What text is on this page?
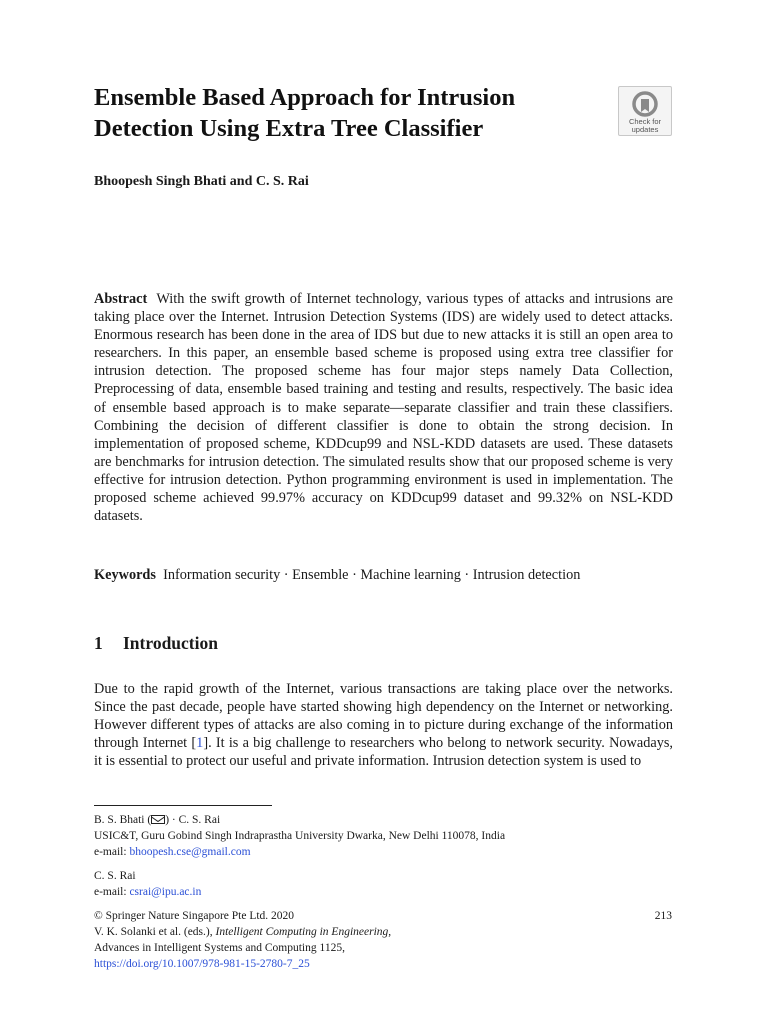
Ensemble Based Approach for Intrusion Detection Using Extra Tree Classifier	Check for
updates
Bhoopesh Singh Bhati and C. S. Rai
Abstract With the swift growth of Internet technology, various types of attacks and intrusions are taking place over the Internet. Intrusion Detection Systems (IDS) are widely used to detect attacks. Enormous research has been done in the area of IDS but due to new attacks it is still an open area to researchers. In this paper, an ensemble based scheme is proposed using extra tree classifier for intrusion detection. The proposed scheme has four major steps namely Data Collection, Preprocessing of data, ensemble based training and testing and results, respectively. The basic idea of ensemble based approach is to make separate—separate classifier and train these classifiers. Combining the decision of different classifier is done to obtain the strong decision. In implementation of proposed scheme, KDDcup99 and NSL-KDD datasets are used. These datasets are benchmarks for intrusion detection. The simulated results show that our proposed scheme is very effective for intrusion detection. Python programming environment is used in implementation. The proposed scheme achieved 99.97% accuracy on KDDcup99 dataset and 99.32% on NSL-KDD datasets.
Keywords Information security · Ensemble · Machine learning · Intrusion detection
1 Introduction
Due to the rapid growth of the Internet, various transactions are taking place over the networks. Since the past decade, people have started showing high dependency on the Internet or networking. However different types of attacks are also coming in to picture during exchange of the information through Internet [1]. It is a big challenge to researchers who belong to network security. Nowadays, it is essential to protect our useful and private information. Intrusion detection system is used to
B. S. Bhati ( ) · C. S. Rai
USIC&T, Guru Gobind Singh Indraprastha University Dwarka, New Delhi 110078, India
e-mail: bhoopesh.cse@gmail.com
C. S. Rai
e-mail: csrai@ipu.ac.in
© Springer Nature Singapore Pte Ltd. 2020
V. K. Solanki et al. (eds.), Intelligent Computing in Engineering,
Advances in Intelligent Systems and Computing 1125,
https://doi.org/10.1007/978-981-15-2780-7_25
213
